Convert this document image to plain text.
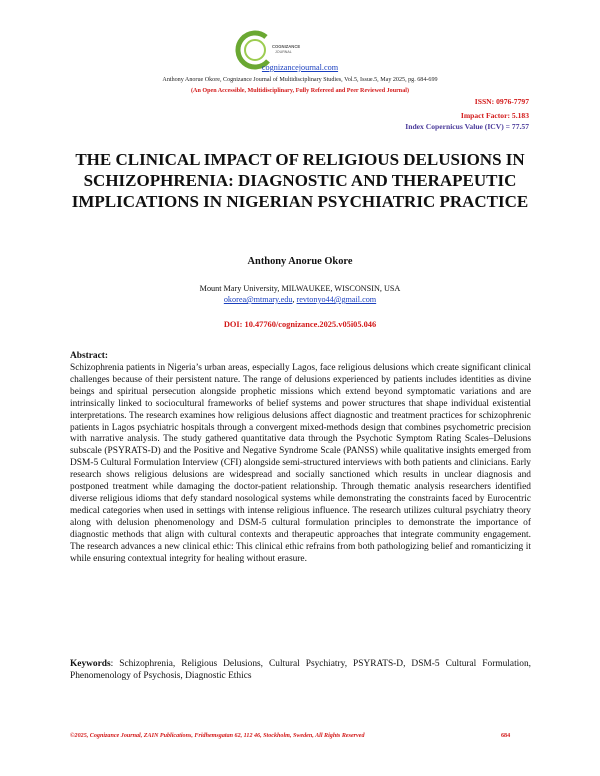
COGNIZANCE
JOURNAL
cognizancejournal.com
Anthony Anorue Okore, Cognizance Journal of Multidisciplinary Studies, Vol.5, Issue.5, May 2025, pg. 684-699
(An Open Accessible, Multidisciplinary, Fully Refereed and Peer Reviewed Journal)
ISSN: 0976-7797
Impact Factor: 5.183
Index Copernicus Value (ICV) = 77.57
THE CLINICAL IMPACT OF RELIGIOUS DELUSIONS IN SCHIZOPHRENIA: DIAGNOSTIC AND THERAPEUTIC IMPLICATIONS IN NIGERIAN PSYCHIATRIC PRACTICE
Anthony Anorue Okore
Mount Mary University, MILWAUKEE, WISCONSIN, USA
okorea@mtmary.edu, revtonyo44@gmail.com
DOI: 10.47760/cognizance.2025.v05i05.046
Abstract:

Schizophrenia patients in Nigeria’s urban areas, especially Lagos, face religious delusions which create significant clinical challenges because of their persistent nature. The range of delusions experienced by patients includes identities as divine beings and spiritual persecution alongside prophetic missions which extend beyond symptomatic variations and are intrinsically linked to sociocultural frameworks of belief systems and power structures that shape individual existential interpretations. The research examines how religious delusions affect diagnostic and treatment practices for schizophrenic patients in Lagos psychiatric hospitals through a convergent mixed-methods design that combines psychometric precision with narrative analysis. The study gathered quantitative data through the Psychotic Symptom Rating Scales–Delusions subscale (PSYRATS-D) and the Positive and Negative Syndrome Scale (PANSS) while qualitative insights emerged from DSM-5 Cultural Formulation Interview (CFI) alongside semi-structured interviews with both patients and clinicians. Early research shows religious delusions are widespread and socially sanctioned which results in unclear diagnosis and postponed treatment while damaging the doctor-patient relationship. Through thematic analysis researchers identified diverse religious idioms that defy standard nosological systems while demonstrating the constraints faced by Eurocentric medical categories when used in settings with intense religious influence. The research utilizes cultural psychiatry theory along with delusion phenomenology and DSM-5 cultural formulation principles to demonstrate the importance of diagnostic methods that align with cultural contexts and therapeutic approaches that integrate community engagement. The research advances a new clinical ethic: This clinical ethic refrains from both pathologizing belief and romanticizing it while ensuring contextual integrity for healing without erasure.

Keywords: Schizophrenia, Religious Delusions, Cultural Psychiatry, PSYRATS-D, DSM-5 Cultural Formulation, Phenomenology of Psychosis, Diagnostic Ethics

©2025, Cognizance Journal, ZAIN Publications, Fridhemsgatan 62, 112 46, Stockholm, Sweden, All Rights Reserved	684
